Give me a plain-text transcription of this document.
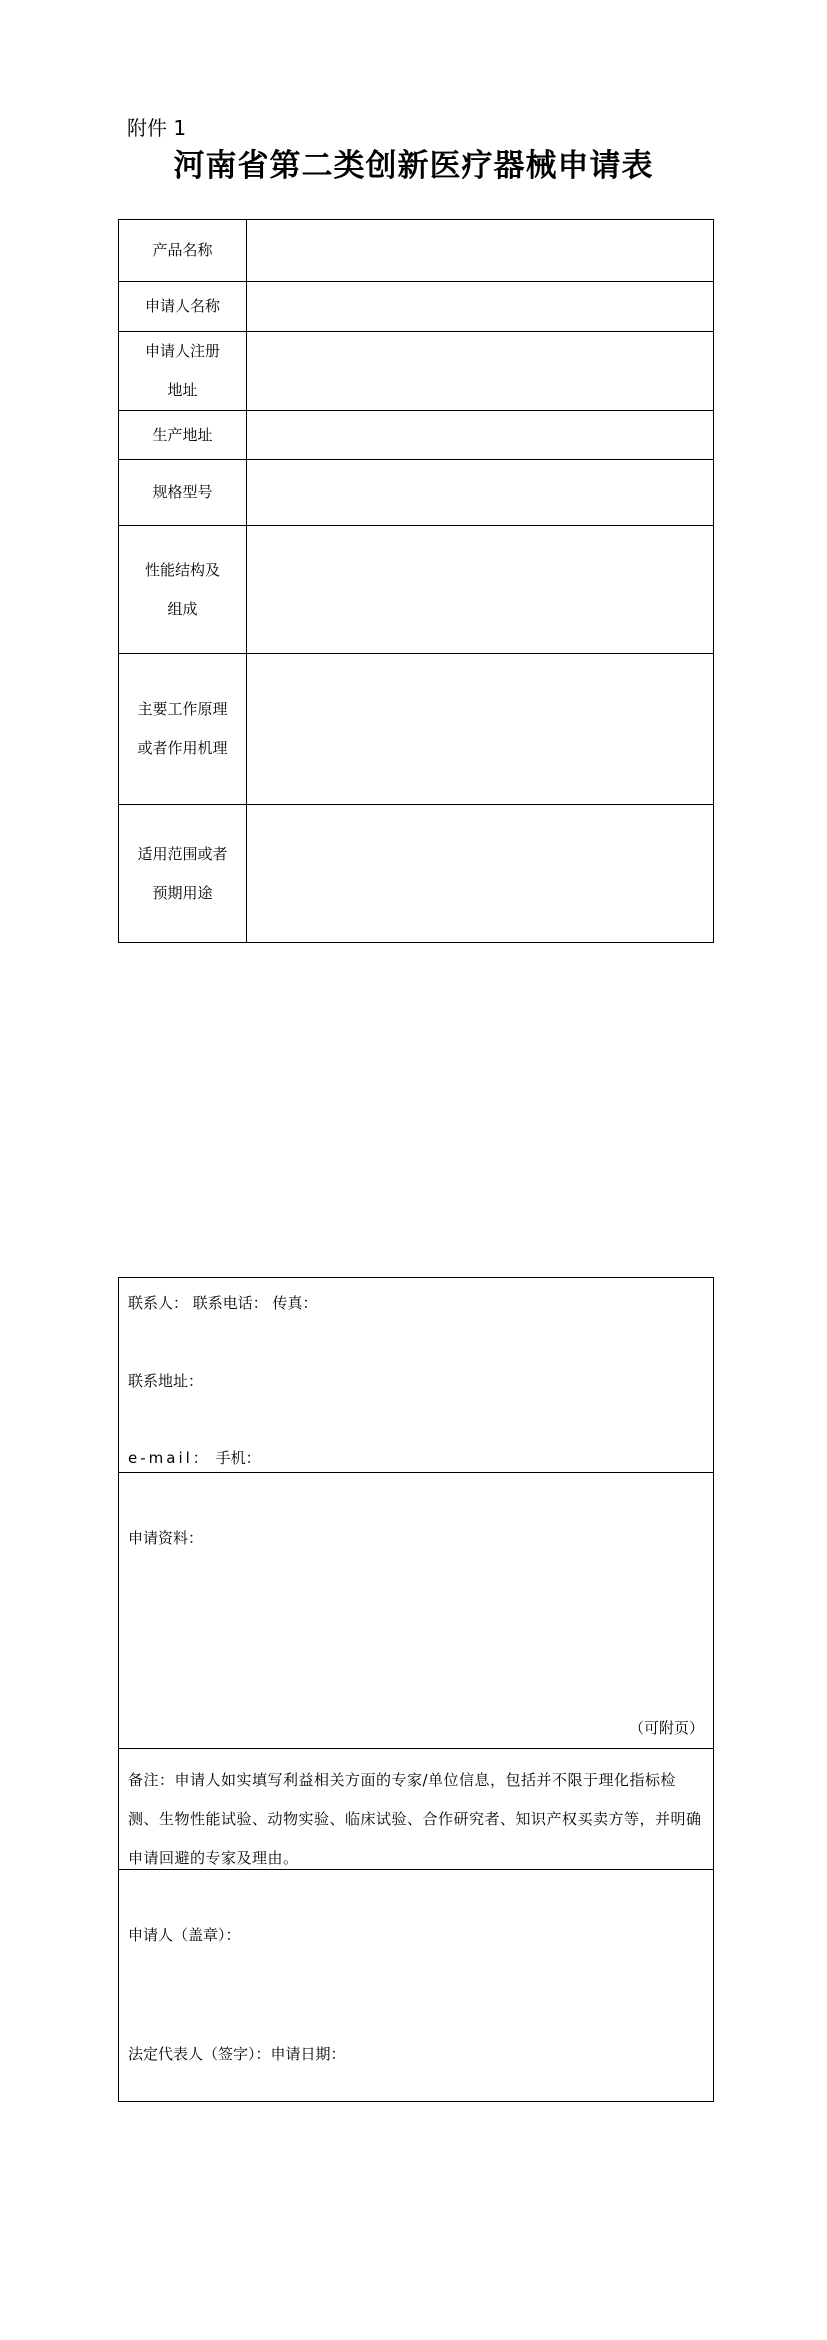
附件 1
河南省第二类创新医疗器械申请表
产品名称	

申请人名称	

申请人注册
地址	

生产地址	

规格型号	

性能结构及
组成	

主要工作原理
或者作用机理	

适用范围或者
预期用途	

联系人： 联系电话： 传真：
联系地址：
e-mail： 手机：
申请资料：
（可附页）
备注：申请人如实填写利益相关方面的专家/单位信息，包括并不限于理化指标检测、生物性能试验、动物实验、临床试验、合作研究者、知识产权买卖方等，并明确申请回避的专家及理由。
申请人（盖章）：
法定代表人（签字）：申请日期：
